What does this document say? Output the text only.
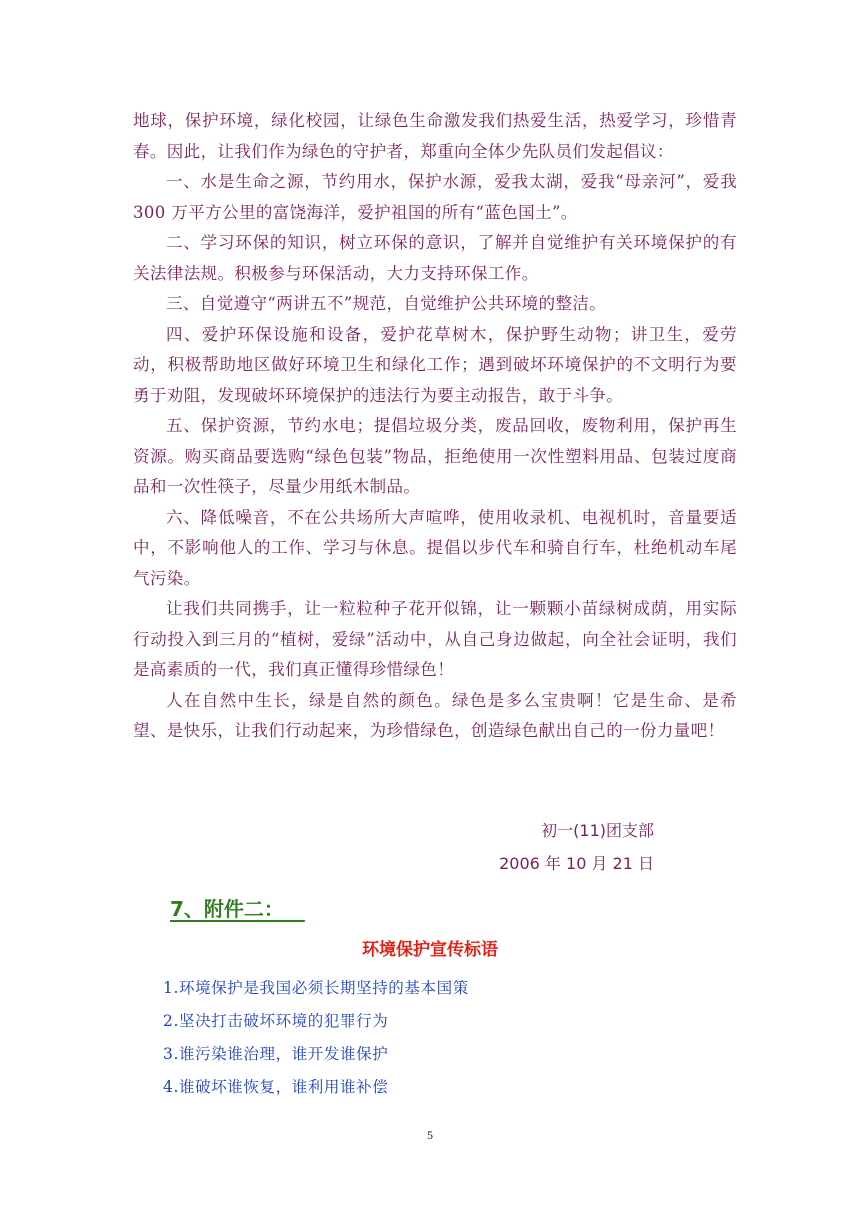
地球，保护环境，绿化校园，让绿色生命激发我们热爱生活，热爱学习，珍惜青春。因此，让我们作为绿色的守护者，郑重向全体少先队员们发起倡议：

一、水是生命之源，节约用水，保护水源，爱我太湖，爱我“母亲河”，爱我 300 万平方公里的富饶海洋，爱护祖国的所有“蓝色国土”。

二、学习环保的知识，树立环保的意识，了解并自觉维护有关环境保护的有关法律法规。积极参与环保活动，大力支持环保工作。

三、自觉遵守“两讲五不”规范，自觉维护公共环境的整洁。

四、爱护环保设施和设备，爱护花草树木，保护野生动物；讲卫生，爱劳动，积极帮助地区做好环境卫生和绿化工作；遇到破坏环境保护的不文明行为要勇于劝阻，发现破坏环境保护的违法行为要主动报告，敢于斗争。

五、保护资源，节约水电；提倡垃圾分类，废品回收，废物利用，保护再生资源。购买商品要选购“绿色包装”物品，拒绝使用一次性塑料用品、包装过度商品和一次性筷子，尽量少用纸木制品。

六、降低噪音，不在公共场所大声喧哗，使用收录机、电视机时，音量要适中，不影响他人的工作、学习与休息。提倡以步代车和骑自行车，杜绝机动车尾气污染。

让我们共同携手，让一粒粒种子花开似锦，让一颗颗小苗绿树成荫，用实际行动投入到三月的“植树，爱绿”活动中，从自己身边做起，向全社会证明，我们是高素质的一代，我们真正懂得珍惜绿色！

人在自然中生长，绿是自然的颜色。绿色是多么宝贵啊！它是生命、是希望、是快乐，让我们行动起来，为珍惜绿色，创造绿色献出自己的一份力量吧！

初一(11)团支部
2006 年 10 月 21 日
7、附件二：
环境保护宣传标语
1.环境保护是我国必须长期坚持的基本国策
2.坚决打击破坏环境的犯罪行为
3.谁污染谁治理，谁开发谁保护
4.谁破坏谁恢复，谁利用谁补偿
5
